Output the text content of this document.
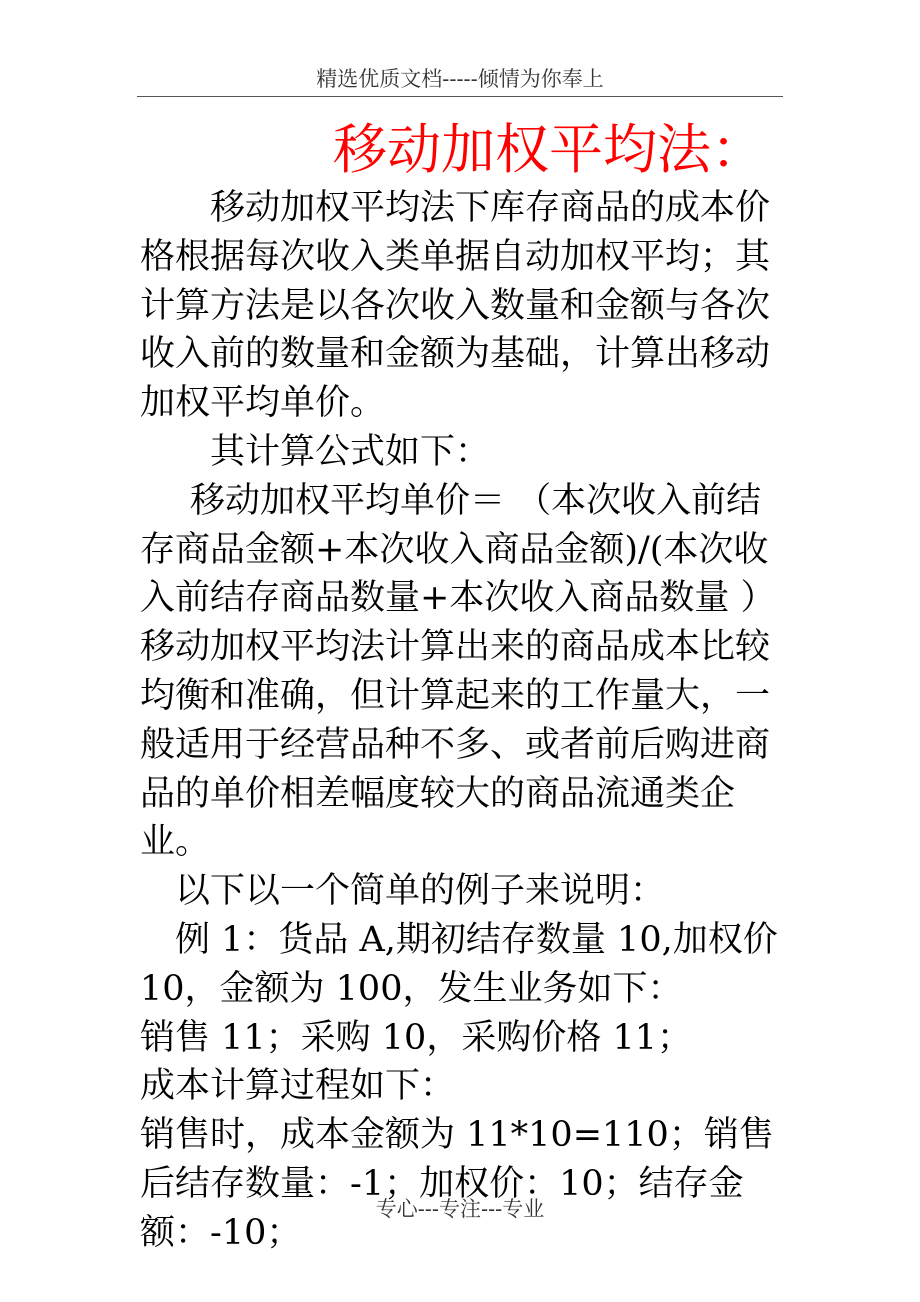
精选优质文档-----倾情为你奉上
移动加权平均法：

移动加权平均法下库存商品的成本价格根据每次收入类单据自动加权平均；其计算方法是以各次收入数量和金额与各次收入前的数量和金额为基础，计算出移动加权平均单价。

其计算公式如下：

移动加权平均单价＝ （本次收入前结存商品金额+本次收入商品金额)/(本次收入前结存商品数量+本次收入商品数量 ）

移动加权平均法计算出来的商品成本比较均衡和准确，但计算起来的工作量大，一般适用于经营品种不多、或者前后购进商品的单价相差幅度较大的商品流通类企业。

以下以一个简单的例子来说明：

例 1：货品 A,期初结存数量 10,加权价 10，金额为 100，发生业务如下：

销售 11；采购 10，采购价格 11；

成本计算过程如下：

销售时，成本金额为 11*10=110；销售后结存数量：-1；加权价：10；结存金额：-10；

专心---专注---专业
